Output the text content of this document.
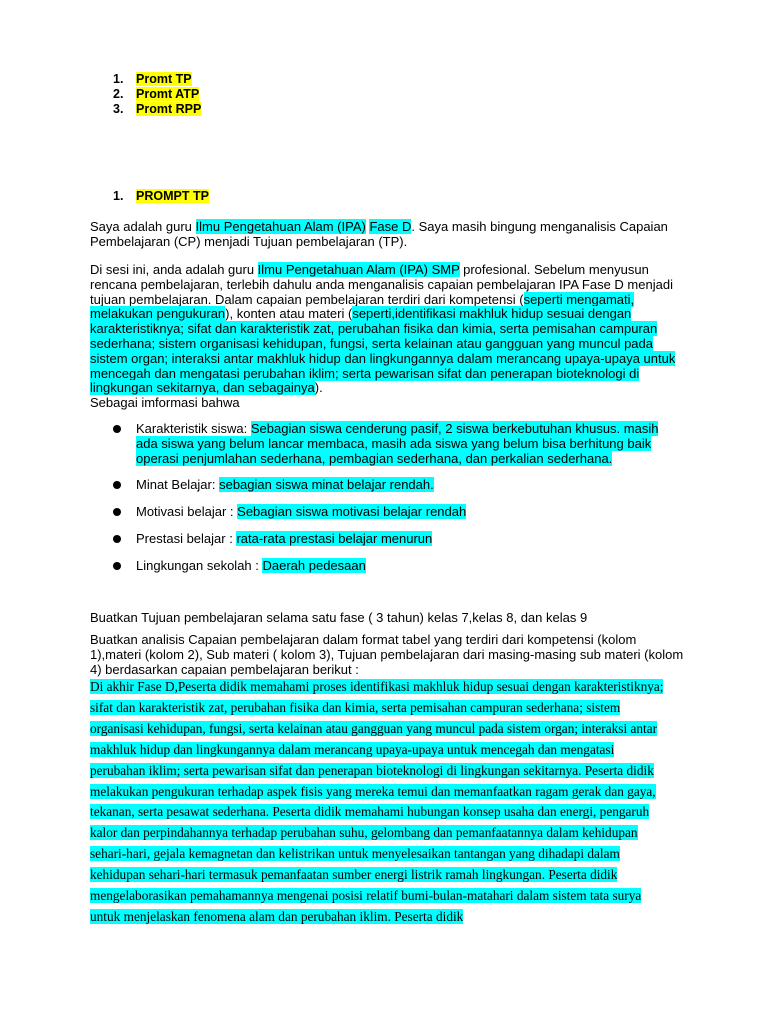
1. Promt TP
2. Promt ATP
3. Promt RPP
1. PROMPT TP
Saya adalah guru Ilmu Pengetahuan Alam (IPA) Fase D. Saya masih bingung menganalisis Capaian Pembelajaran (CP) menjadi Tujuan pembelajaran (TP).
Di sesi ini, anda adalah guru Ilmu Pengetahuan Alam (IPA) SMP profesional. Sebelum menyusun rencana pembelajaran, terlebih dahulu anda menganalisis capaian pembelajaran IPA Fase D menjadi tujuan pembelajaran. Dalam capaian pembelajaran terdiri dari kompetensi (seperti mengamati, melakukan pengukuran), konten atau materi (seperti,identifikasi makhluk hidup sesuai dengan karakteristiknya; sifat dan karakteristik zat, perubahan fisika dan kimia, serta pemisahan campuran sederhana; sistem organisasi kehidupan, fungsi, serta kelainan atau gangguan yang muncul pada sistem organ; interaksi antar makhluk hidup dan lingkungannya dalam merancang upaya-upaya untuk mencegah dan mengatasi perubahan iklim; serta pewarisan sifat dan penerapan bioteknologi di lingkungan sekitarnya, dan sebagainya).
Sebagai imformasi bahwa
Karakteristik siswa: Sebagian siswa cenderung pasif, 2 siswa berkebutuhan khusus. masih ada siswa yang belum lancar membaca, masih ada siswa yang belum bisa berhitung baik operasi penjumlahan sederhana, pembagian sederhana, dan perkalian sederhana.
Minat Belajar: sebagian siswa minat belajar rendah.
Motivasi belajar : Sebagian siswa motivasi belajar rendah
Prestasi belajar : rata-rata prestasi belajar menurun
Lingkungan sekolah : Daerah pedesaan
Buatkan Tujuan pembelajaran selama satu fase ( 3 tahun) kelas 7,kelas 8, dan kelas 9
Buatkan analisis Capaian pembelajaran dalam format tabel yang terdiri dari kompetensi (kolom 1),materi (kolom 2), Sub materi ( kolom 3), Tujuan pembelajaran dari masing-masing sub materi (kolom 4) berdasarkan capaian pembelajaran berikut :
Di akhir Fase D,Peserta didik memahami proses identifikasi makhluk hidup sesuai dengan karakteristiknya; sifat dan karakteristik zat, perubahan fisika dan kimia, serta pemisahan campuran sederhana; sistem organisasi kehidupan, fungsi, serta kelainan atau gangguan yang muncul pada sistem organ; interaksi antar makhluk hidup dan lingkungannya dalam merancang upaya-upaya untuk mencegah dan mengatasi perubahan iklim; serta pewarisan sifat dan penerapan bioteknologi di lingkungan sekitarnya. Peserta didik melakukan pengukuran terhadap aspek fisis yang mereka temui dan memanfaatkan ragam gerak dan gaya, tekanan, serta pesawat sederhana. Peserta didik memahami hubungan konsep usaha dan energi, pengaruh kalor dan perpindahannya terhadap perubahan suhu, gelombang dan pemanfaatannya dalam kehidupan sehari-hari, gejala kemagnetan dan kelistrikan untuk menyelesaikan tantangan yang dihadapi dalam kehidupan sehari-hari termasuk pemanfaatan sumber energi listrik ramah lingkungan. Peserta didik mengelaborasikan pemahamannya mengenai posisi relatif bumi-bulan-matahari dalam sistem tata surya untuk menjelaskan fenomena alam dan perubahan iklim. Peserta didik
